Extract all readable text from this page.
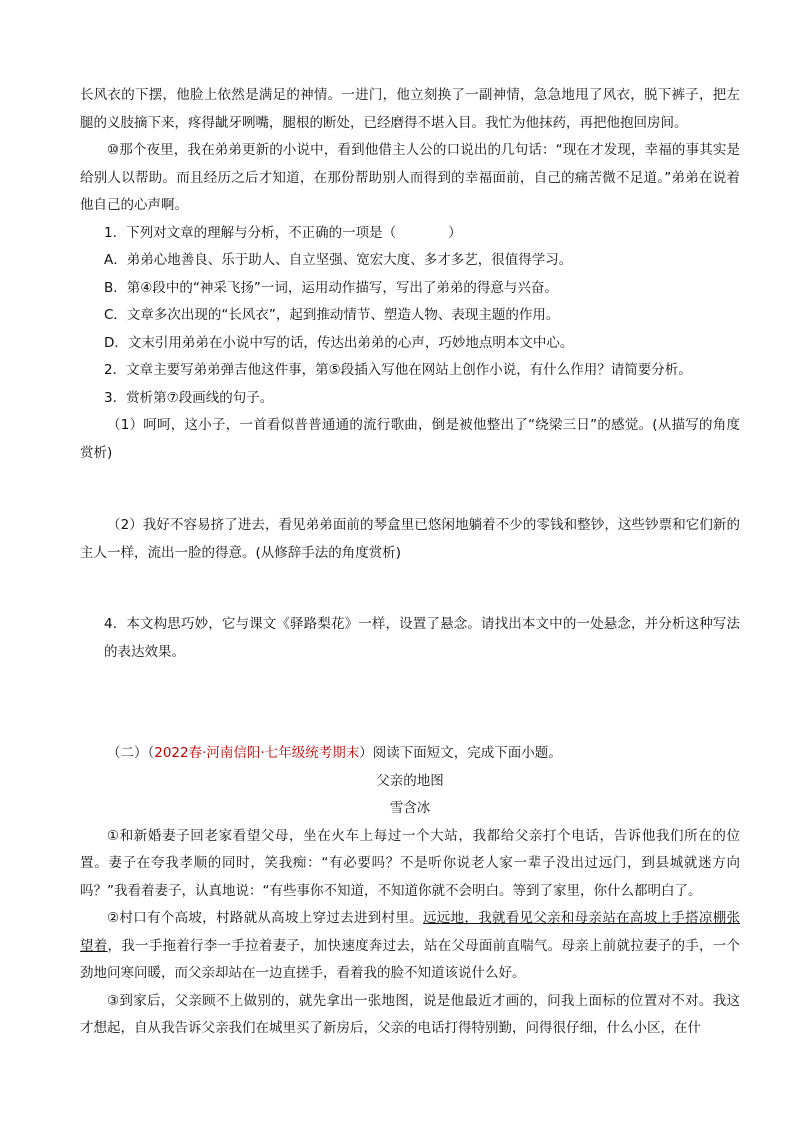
长风衣的下摆，他脸上依然是满足的神情。一进门，他立刻换了一副神情，急急地甩了风衣，脱下裤子，把左腿的义肢摘下来，疼得龇牙咧嘴，腿根的断处，已经磨得不堪入目。我忙为他抹药，再把他抱回房间。

⑩那个夜里，我在弟弟更新的小说中，看到他借主人公的口说出的几句话：“现在才发现，幸福的事其实是给别人以帮助。而且经历之后才知道，在那份帮助别人而得到的幸福面前，自己的痛苦微不足道。”弟弟在说着他自己的心声啊。

1．下列对文章的理解与分析，不正确的一项是（	）

A．弟弟心地善良、乐于助人、自立坚强、宽宏大度、多才多艺，很值得学习。

B．第④段中的“神采飞扬”一词，运用动作描写，写出了弟弟的得意与兴奋。

C．文章多次出现的“长风衣”，起到推动情节、塑造人物、表现主题的作用。

D．文末引用弟弟在小说中写的话，传达出弟弟的心声，巧妙地点明本文中心。

2．文章主要写弟弟弹吉他这件事，第⑤段插入写他在网站上创作小说，有什么作用？请简要分析。

3．赏析第⑦段画线的句子。

（1）呵呵，这小子，一首看似普普通通的流行歌曲，倒是被他整出了“绕梁三日”的感觉。(从描写的角度赏析)

（2）我好不容易挤了进去，看见弟弟面前的琴盒里已悠闲地躺着不少的零钱和整钞，这些钞票和它们新的主人一样，流出一脸的得意。(从修辞手法的角度赏析)

4．本文构思巧妙，它与课文《驿路梨花》一样，设置了悬念。请找出本文中的一处悬念，并分析这种写法的表达效果。

（二）（2022春·河南信阳·七年级统考期末）阅读下面短文，完成下面小题。

父亲的地图

雪含冰

①和新婚妻子回老家看望父母，坐在火车上每过一个大站，我都给父亲打个电话，告诉他我们所在的位置。妻子在夸我孝顺的同时，笑我痴：“有必要吗？不是听你说老人家一辈子没出过远门，到县城就迷方向吗？”我看着妻子，认真地说：“有些事你不知道，不知道你就不会明白。等到了家里，你什么都明白了。

②村口有个高坡，村路就从高坡上穿过去进到村里。远远地，我就看见父亲和母亲站在高坡上手搭凉棚张望着，我一手拖着行李一手拉着妻子，加快速度奔过去，站在父母面前直喘气。母亲上前就拉妻子的手，一个劲地问寒问暖，而父亲却站在一边直搓手，看着我的脸不知道该说什么好。

③到家后，父亲顾不上做别的，就先拿出一张地图，说是他最近才画的，问我上面标的位置对不对。我这才想起，自从我告诉父亲我们在城里买了新房后，父亲的电话打得特别勤，问得很仔细，什么小区，在什
